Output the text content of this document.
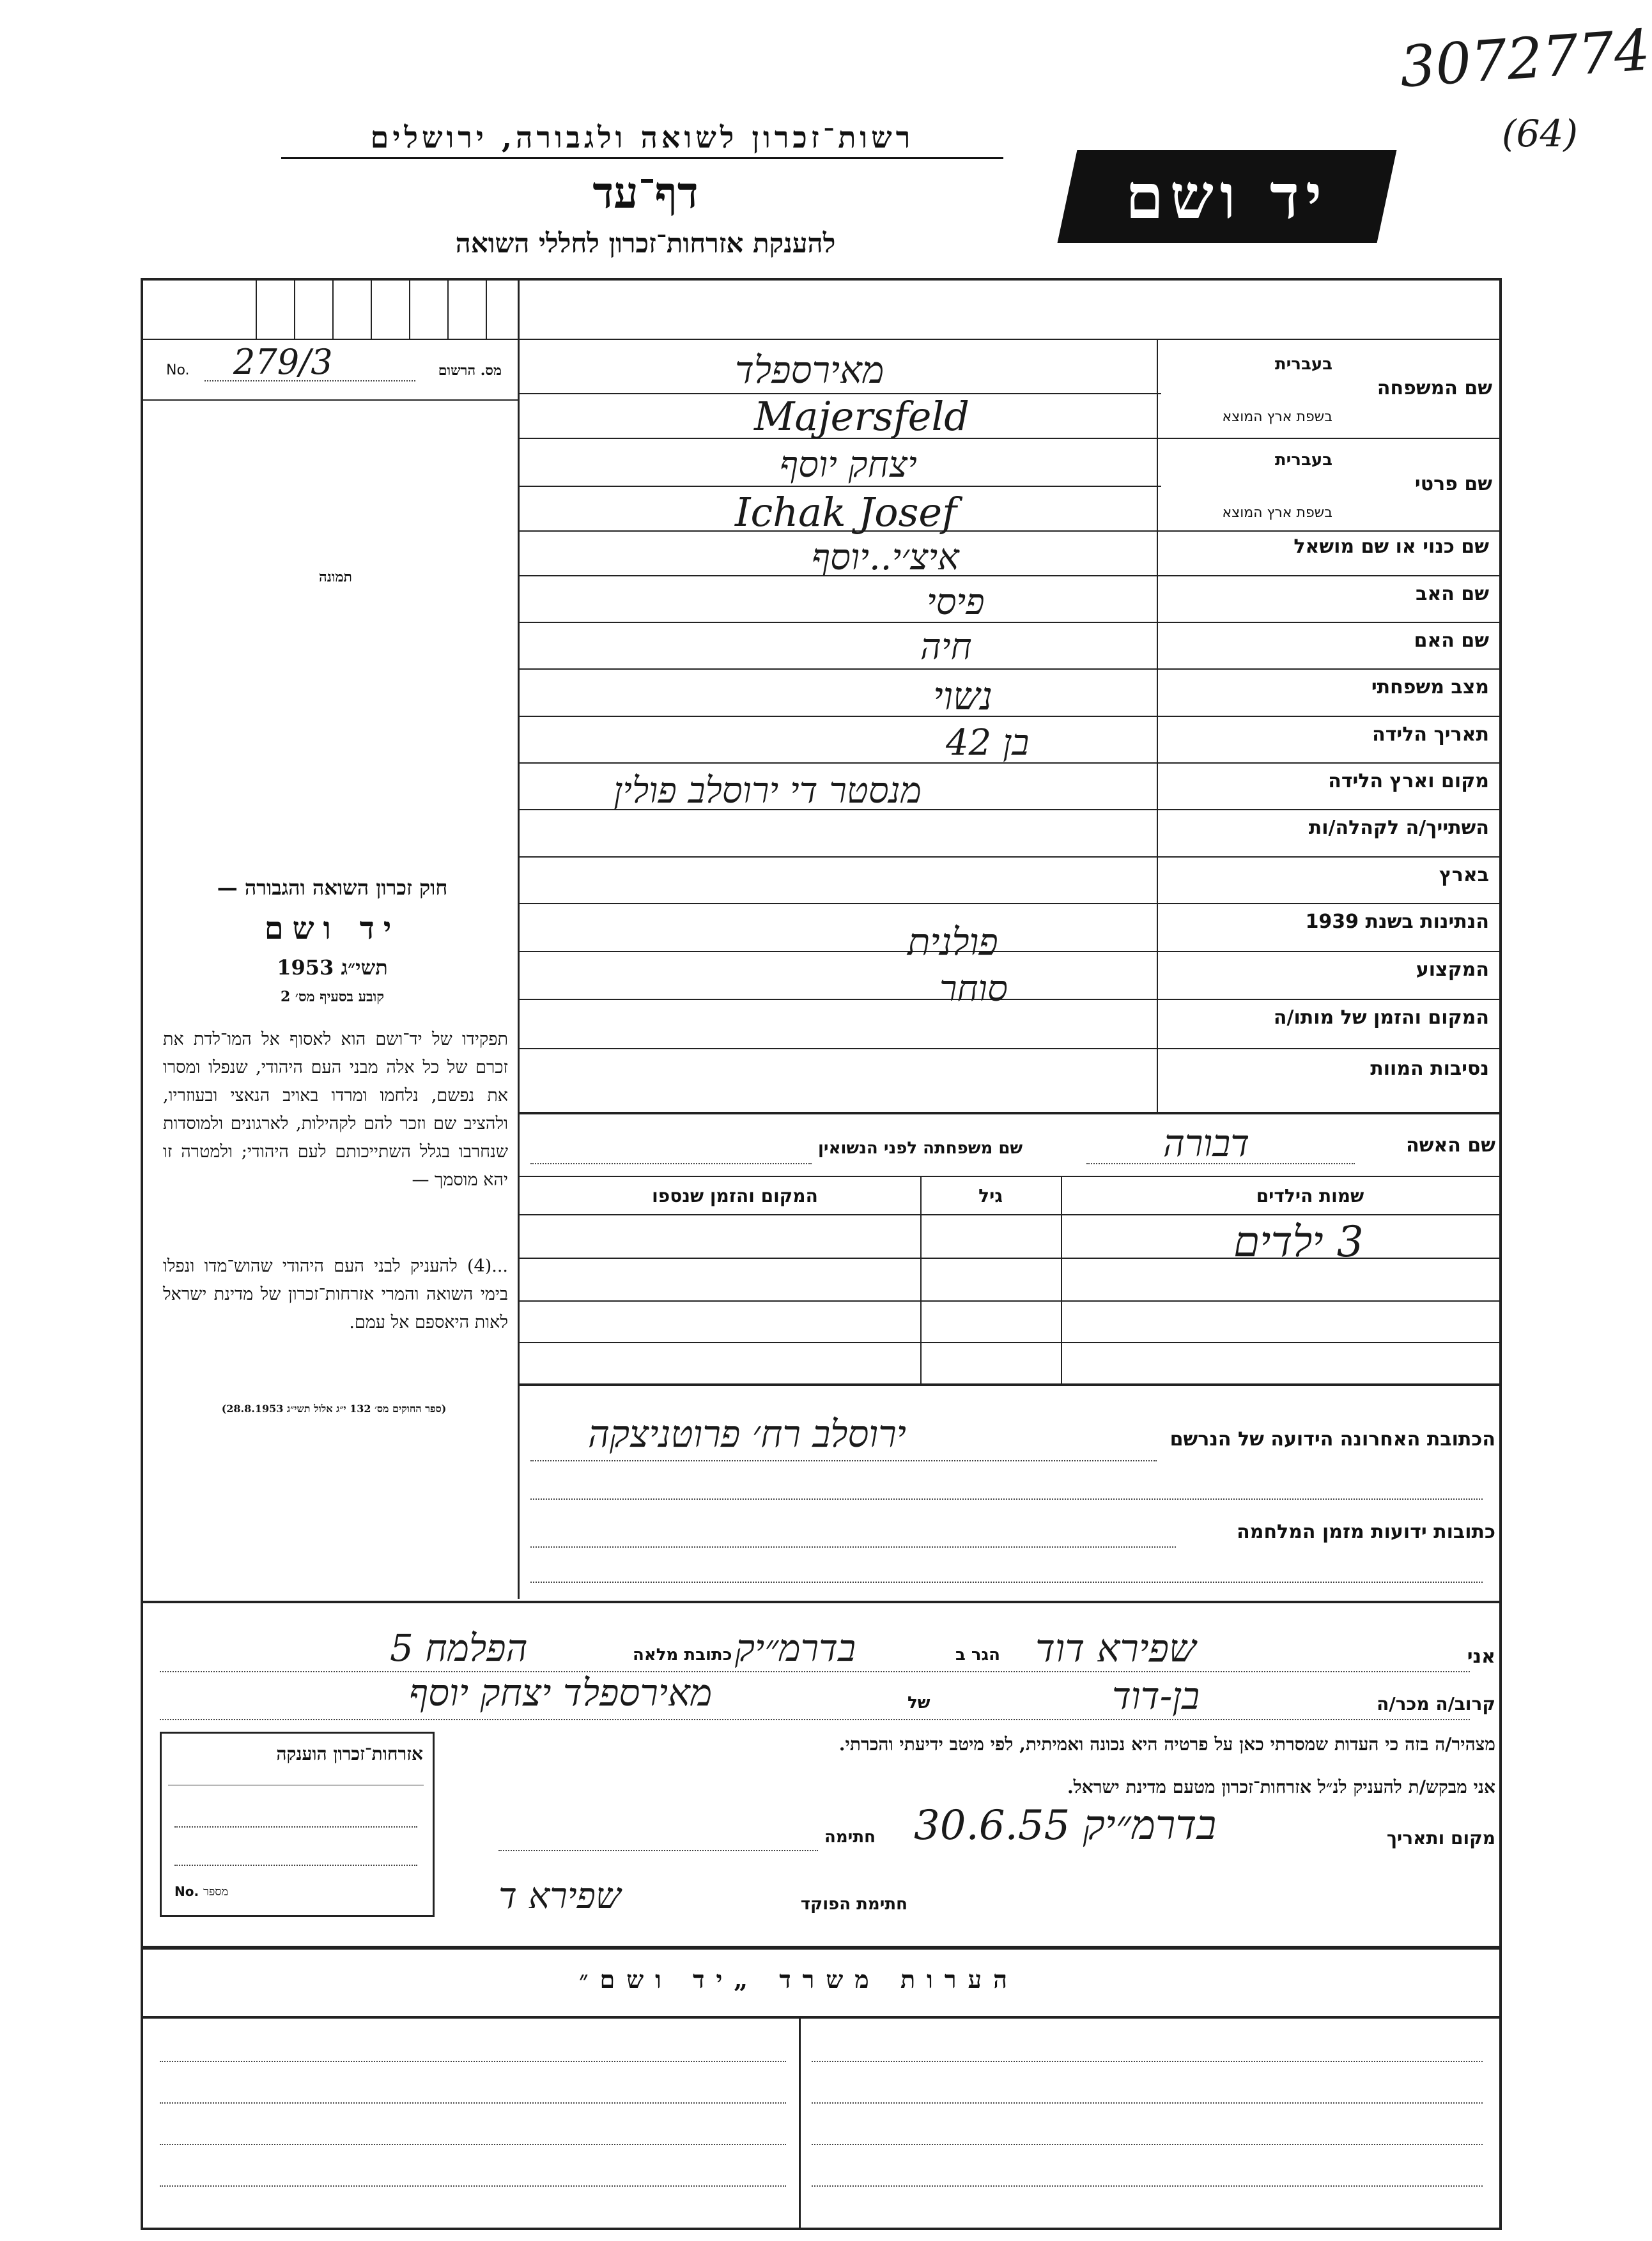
3072774
(64)
רשות־זכרון לשואה ולגבורה, ירושלים
דף־עד
להענקת אזרחות־זכרון לחללי השואה
יד ושם
No. 279/3	מס. הרשום
תמונה
שם המשפחה
בעברית
בשפת ארץ המוצא
שם פרטי
בעברית
בשפת ארץ המוצא
שם כנוי או שם מושאל
שם האב
שם האם
מצב משפחתי
תאריך הלידה
מקום וארץ הלידה
השתייך/ה לקהלה/ות
בארץ
הנתינות בשנת 1939
המקצוע
המקום והזמן של מותו/ה
נסיבות המוות
מאירספלד
Majersfeld
יצחק יוסף
Ichak Josef
איצ׳י..יוסף
פיסי
חיה
נשוי
בן 42
מנסטר די ירוסלב פולין
פולנית
סוחר
חוק זכרון השואה והגבורה —
יד ושם
תשי״ג 1953
קובע בסעיף מס׳ 2
תפקידו של יד־ושם הוא לאסוף אל המו־לדת את זכרם של כל אלה מבני העם היהודי, שנפלו ומסרו את נפשם, נלחמו ומרדו באויב הנאצי ובעוזריו, ולהציב שם וזכר להם לקהילות, לארגונים ולמוסדות שנחרבו בגלל השתייכותם לעם היהודי; ולמטרה זו יהא מוסמך —
...(4) להעניק לבני העם היהודי שהוש־מדו ונפלו בימי השואה והמרי אזרחות־זכרון של מדינת ישראל לאות היאספם אל עמם.
(ספר החוקים מס׳ 132 י״ג אלול תשי״ג 28.8.1953)
שם האשה
דבורה
שם משפחתה לפני הנשואין
שמות הילדים
גיל
המקום והזמן שנספו
3 ילדים
הכתובת האחרונה הידועה של הנרשם
ירוסלב רח׳ פרוטניצקה
כתובות ידועות מזמן המלחמה
אני
שפירא דוד
הגר ב
בדרמ״יק
כתובת מלאה
הפלמח 5
קרוב/ה מכר/ה
בן-דוד
של
מאירספלד יצחק יוסף
מצהיר/ה בזה כי העדות שמסרתי כאן על פרטיה היא נכונה ואמיתית, לפי מיטב ידיעתי והכרתי.
אני מבקש/ת להעניק לנ״ל אזרחות־זכרון מטעם מדינת ישראל.
מקום ותאריך
בדרמ״יק 30.6.55
חתימה
חתימת הפוקד
שפירא ד
אזרחות־זכרון הוענקה
No. מספר
הערות משרד „יד ושם״
